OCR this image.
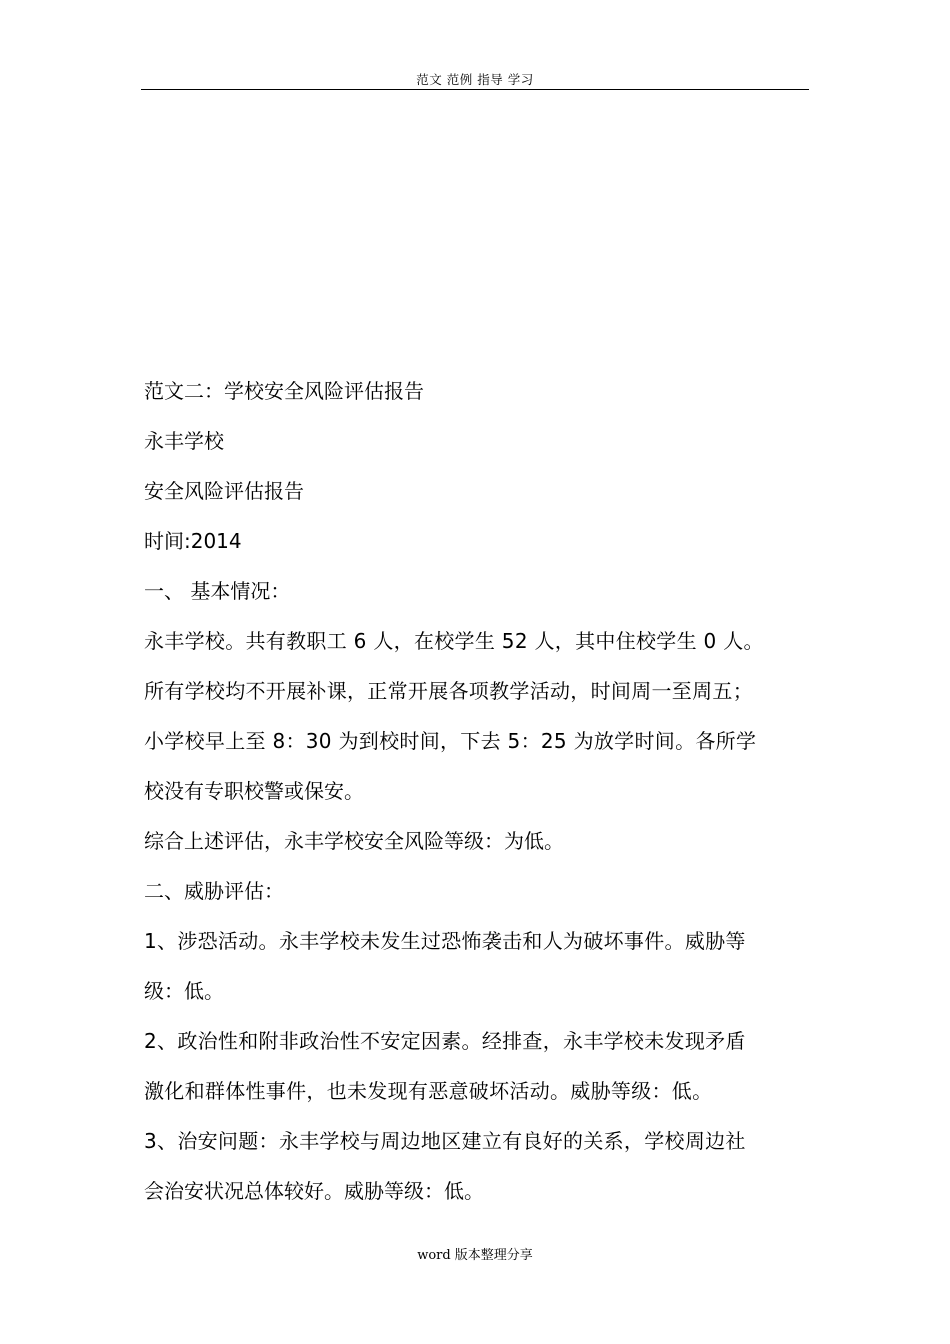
范文 范例 指导 学习

范文二：学校安全风险评估报告

永丰学校

安全风险评估报告

时间:2014

一、 基本情况：

永丰学校。共有教职工 6 人，在校学生 52 人，其中住校学生 0 人。

所有学校均不开展补课，正常开展各项教学活动，时间周一至周五；

小学校早上至 8：30 为到校时间，下去 5：25 为放学时间。各所学

校没有专职校警或保安。

综合上述评估，永丰学校安全风险等级：为低。

二、威胁评估：

1、涉恐活动。永丰学校未发生过恐怖袭击和人为破坏事件。威胁等

级：低。

2、政治性和附非政治性不安定因素。经排查，永丰学校未发现矛盾

激化和群体性事件，也未发现有恶意破坏活动。威胁等级：低。

3、治安问题：永丰学校与周边地区建立有良好的关系，学校周边社

会治安状况总体较好。威胁等级：低。

word 版本整理分享
